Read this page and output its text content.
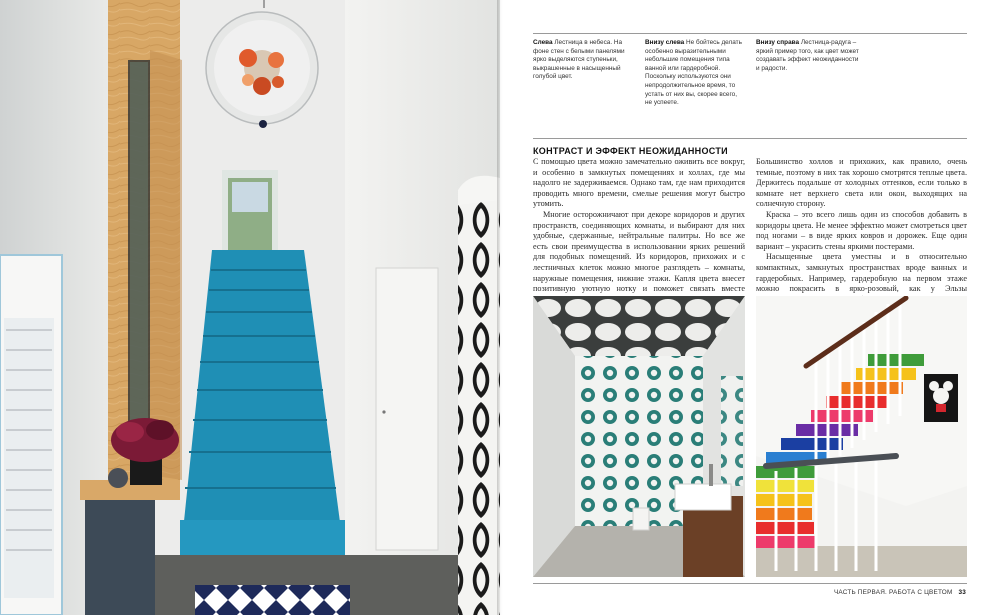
Слева Лестница в небеса. На фоне стен с белыми панелями ярко выделяются ступеньки, выкрашенные в насыщенный голубой цвет.
Внизу слева Не бойтесь делать особенно выразительными небольшие помещения типа ванной или гардеробной. Поскольку используются они непродолжительное время, то устать от них вы, скорее всего, не успеете.
Внизу справа Лестница-радуга – яркий пример того, как цвет может создавать эффект неожиданности и радости.
КОНТРАСТ И ЭФФЕКТ НЕОЖИДАННОСТИ

С помощью цвета можно замечательно оживить все вокруг, и особенно в замкнутых помещениях и холлах, где мы надолго не задерживаемся. Однако там, где нам приходится проводить много времени, смелые решения могут быстро утомить.

Многие осторожничают при декоре коридоров и других пространств, соединяющих комнаты, и выбирают для них удобные, сдержанные, нейтральные палитры. Но все же есть свои преимущества в использовании ярких решений для подобных помещений. Из коридоров, прихожих и с лестничных клеток можно многое разглядеть – комнаты, наружные помещения, нижние этажи. Капля цвета внесет позитивную уютную нотку и поможет связать вместе

Большинство холлов и прихожих, как правило, очень темные, поэтому в них так хорошо смотрятся теплые цвета. Держитесь подальше от холодных оттенков, если только в комнате нет верхнего света или окон, выходящих на солнечную сторону.

Краска – это всего лишь один из способов добавить в коридоры цвета. Не менее эффектно может смотреться цвет под ногами – в виде ярких ковров и дорожек. Еще один вариант – украсить стены яркими постерами.

Насыщенные цвета уместны и в относительно компактных, замкнутых пространствах вроде ванных и гардеробных. Например, гардеробную на первом этаже можно покрасить в ярко-розовый, как у Эльзы

ЧАСТЬ ПЕРВАЯ. РАБОТА С ЦВЕТОМ 33
